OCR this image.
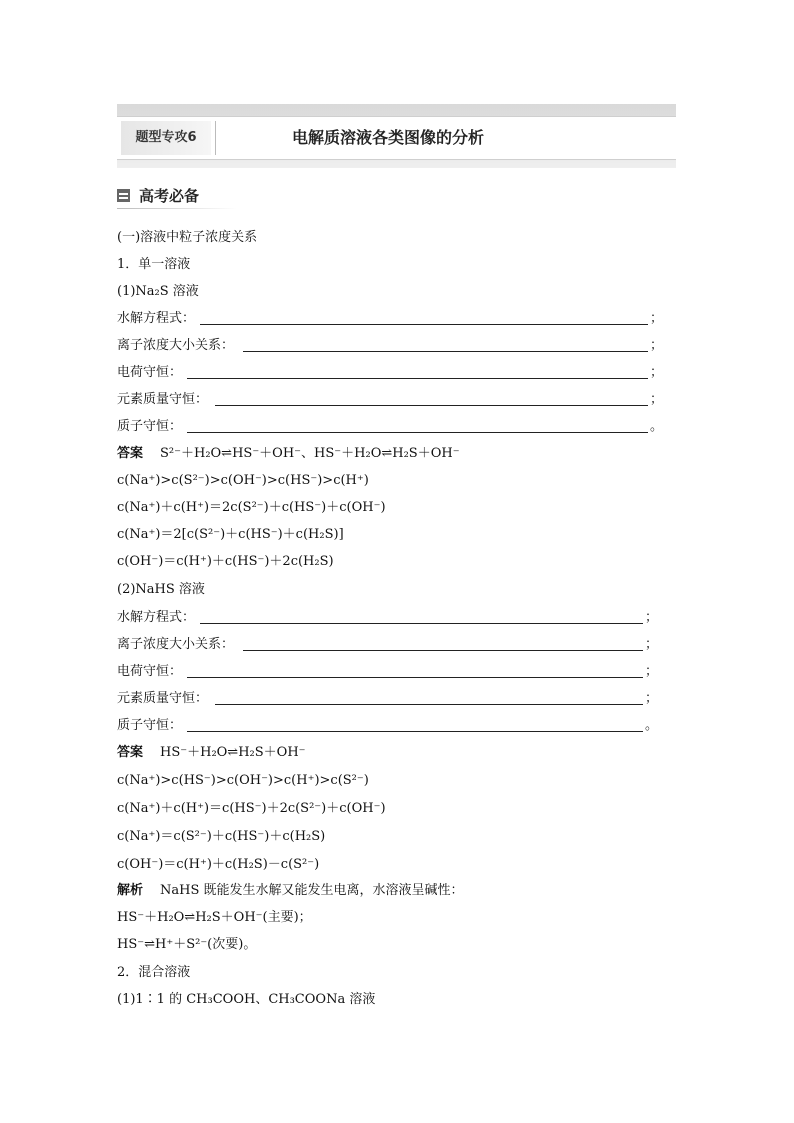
题型专攻6	电解质溶液各类图像的分析
高考必备
(一)溶液中粒子浓度关系
1．单一溶液
(1)Na₂S 溶液
水解方程式：	；
离子浓度大小关系：	；
电荷守恒：	；
元素质量守恒：	；
质子守恒：	。
答案 S²⁻＋H₂O⇌HS⁻＋OH⁻、HS⁻＋H₂O⇌H₂S＋OH⁻
c(Na⁺)>c(S²⁻)>c(OH⁻)>c(HS⁻)>c(H⁺)
c(Na⁺)＋c(H⁺)＝2c(S²⁻)＋c(HS⁻)＋c(OH⁻)
c(Na⁺)＝2[c(S²⁻)＋c(HS⁻)＋c(H₂S)]
c(OH⁻)＝c(H⁺)＋c(HS⁻)＋2c(H₂S)
(2)NaHS 溶液
水解方程式：	；
离子浓度大小关系：	；
电荷守恒：	；
元素质量守恒：	；
质子守恒：	。
答案 HS⁻＋H₂O⇌H₂S＋OH⁻
c(Na⁺)>c(HS⁻)>c(OH⁻)>c(H⁺)>c(S²⁻)
c(Na⁺)＋c(H⁺)＝c(HS⁻)＋2c(S²⁻)＋c(OH⁻)
c(Na⁺)＝c(S²⁻)＋c(HS⁻)＋c(H₂S)
c(OH⁻)＝c(H⁺)＋c(H₂S)－c(S²⁻)
解析 NaHS 既能发生水解又能发生电离，水溶液呈碱性：
HS⁻＋H₂O⇌H₂S＋OH⁻(主要)；
HS⁻⇌H⁺＋S²⁻(次要)。
2．混合溶液
(1)1∶1 的 CH₃COOH、CH₃COONa 溶液
